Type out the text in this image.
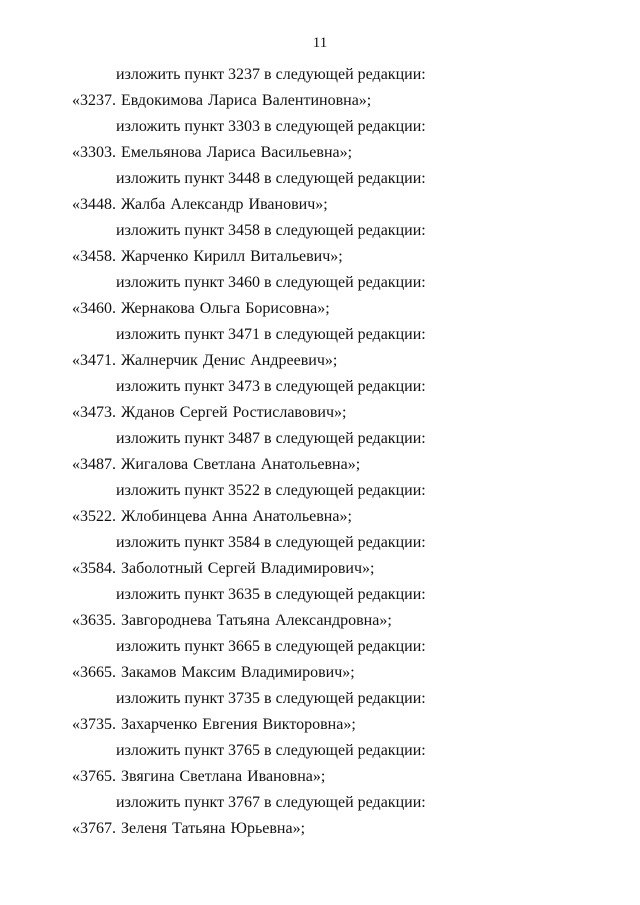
11
изложить пункт 3237 в следующей редакции:
«3237. Евдокимова Лариса Валентиновна»;
изложить пункт 3303 в следующей редакции:
«3303. Емельянова Лариса Васильевна»;
изложить пункт 3448 в следующей редакции:
«3448. Жалба Александр Иванович»;
изложить пункт 3458 в следующей редакции:
«3458. Жарченко Кирилл Витальевич»;
изложить пункт 3460 в следующей редакции:
«3460. Жернакова Ольга Борисовна»;
изложить пункт 3471 в следующей редакции:
«3471. Жалнерчик Денис Андреевич»;
изложить пункт 3473 в следующей редакции:
«3473. Жданов Сергей Ростиславович»;
изложить пункт 3487 в следующей редакции:
«3487. Жигалова Светлана Анатольевна»;
изложить пункт 3522 в следующей редакции:
«3522. Жлобинцева Анна Анатольевна»;
изложить пункт 3584 в следующей редакции:
«3584. Заболотный Сергей Владимирович»;
изложить пункт 3635 в следующей редакции:
«3635. Завгороднева Татьяна Александровна»;
изложить пункт 3665 в следующей редакции:
«3665. Закамов Максим Владимирович»;
изложить пункт 3735 в следующей редакции:
«3735. Захарченко Евгения Викторовна»;
изложить пункт 3765 в следующей редакции:
«3765. Звягина Светлана Ивановна»;
изложить пункт 3767 в следующей редакции:
«3767. Зеленя Татьяна Юрьевна»;
